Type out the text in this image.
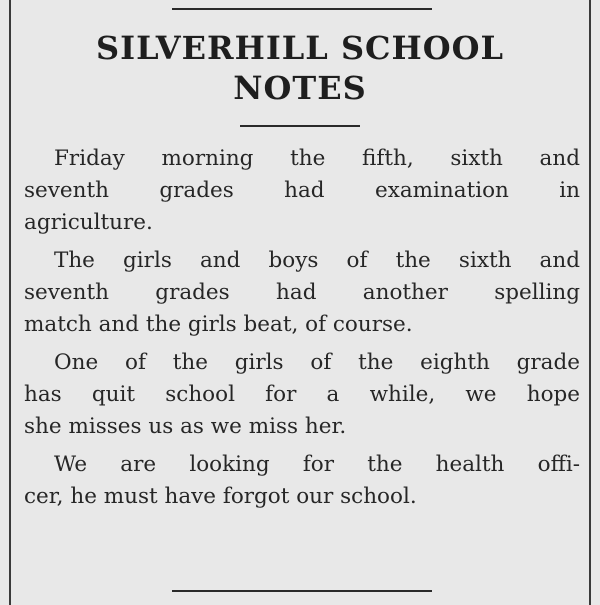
SILVERHILL SCHOOL
NOTES

Friday morning the fifth, sixth and
seventh grades had examination in
agriculture.

The girls and boys of the sixth and
seventh grades had another spelling
match and the girls beat, of course.

One of the girls of the eighth grade
has quit school for a while, we hope
she misses us as we miss her.

We are looking for the health offi-
cer, he must have forgot our school.
